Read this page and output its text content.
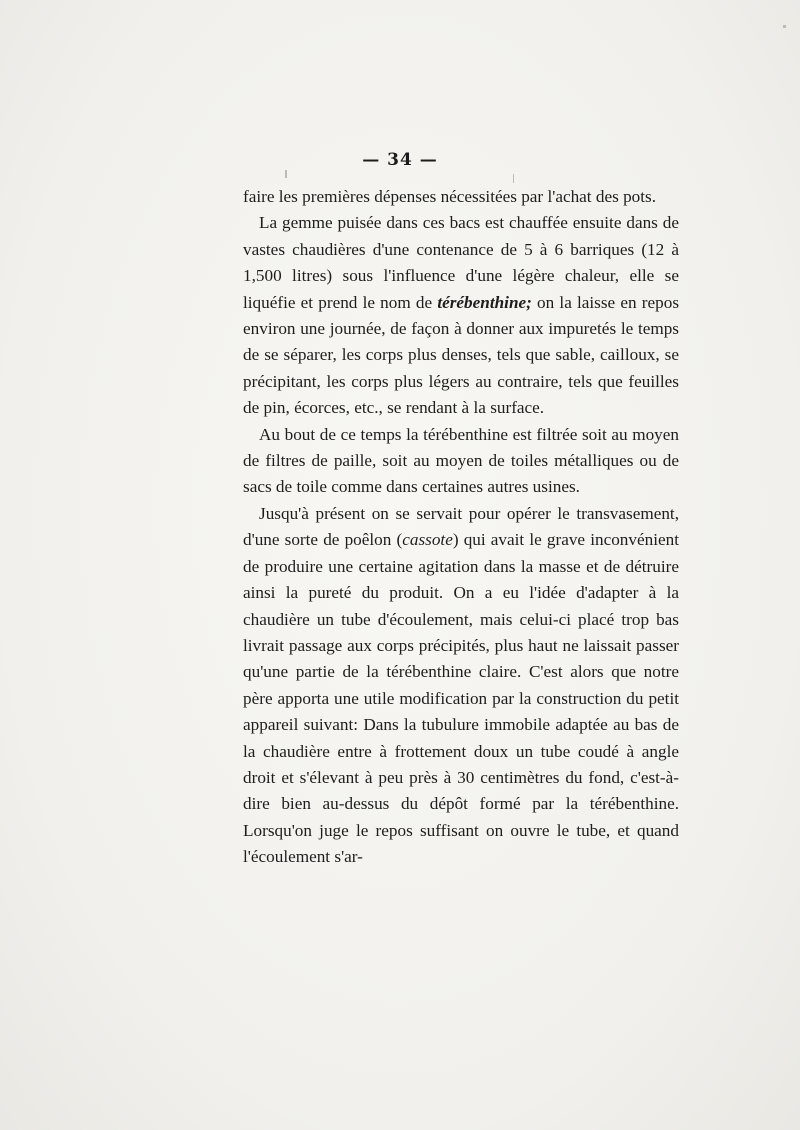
— 34 —

faire les premières dépenses nécessitées par l'achat des pots.

La gemme puisée dans ces bacs est chauffée ensuite dans de vastes chaudières d'une contenance de 5 à 6 barriques (12 à 1,500 litres) sous l'influence d'une légère chaleur, elle se liquéfie et prend le nom de térébenthine; on la laisse en repos environ une journée, de façon à donner aux impuretés le temps de se séparer, les corps plus denses, tels que sable, cailloux, se précipitant, les corps plus légers au contraire, tels que feuilles de pin, écorces, etc., se rendant à la surface.

Au bout de ce temps la térébenthine est filtrée soit au moyen de filtres de paille, soit au moyen de toiles métalliques ou de sacs de toile comme dans certaines autres usines.

Jusqu'à présent on se servait pour opérer le transvasement, d'une sorte de poêlon (cassote) qui avait le grave inconvénient de produire une certaine agitation dans la masse et de détruire ainsi la pureté du produit. On a eu l'idée d'adapter à la chaudière un tube d'écoulement, mais celui-ci placé trop bas livrait passage aux corps précipités, plus haut ne laissait passer qu'une partie de la térébenthine claire. C'est alors que notre père apporta une utile modification par la construction du petit appareil suivant: Dans la tubulure immobile adaptée au bas de la chaudière entre à frottement doux un tube coudé à angle droit et s'élevant à peu près à 30 centimètres du fond, c'est-à-dire bien au-dessus du dépôt formé par la térébenthine. Lorsqu'on juge le repos suffisant on ouvre le tube, et quand l'écoulement s'ar-
